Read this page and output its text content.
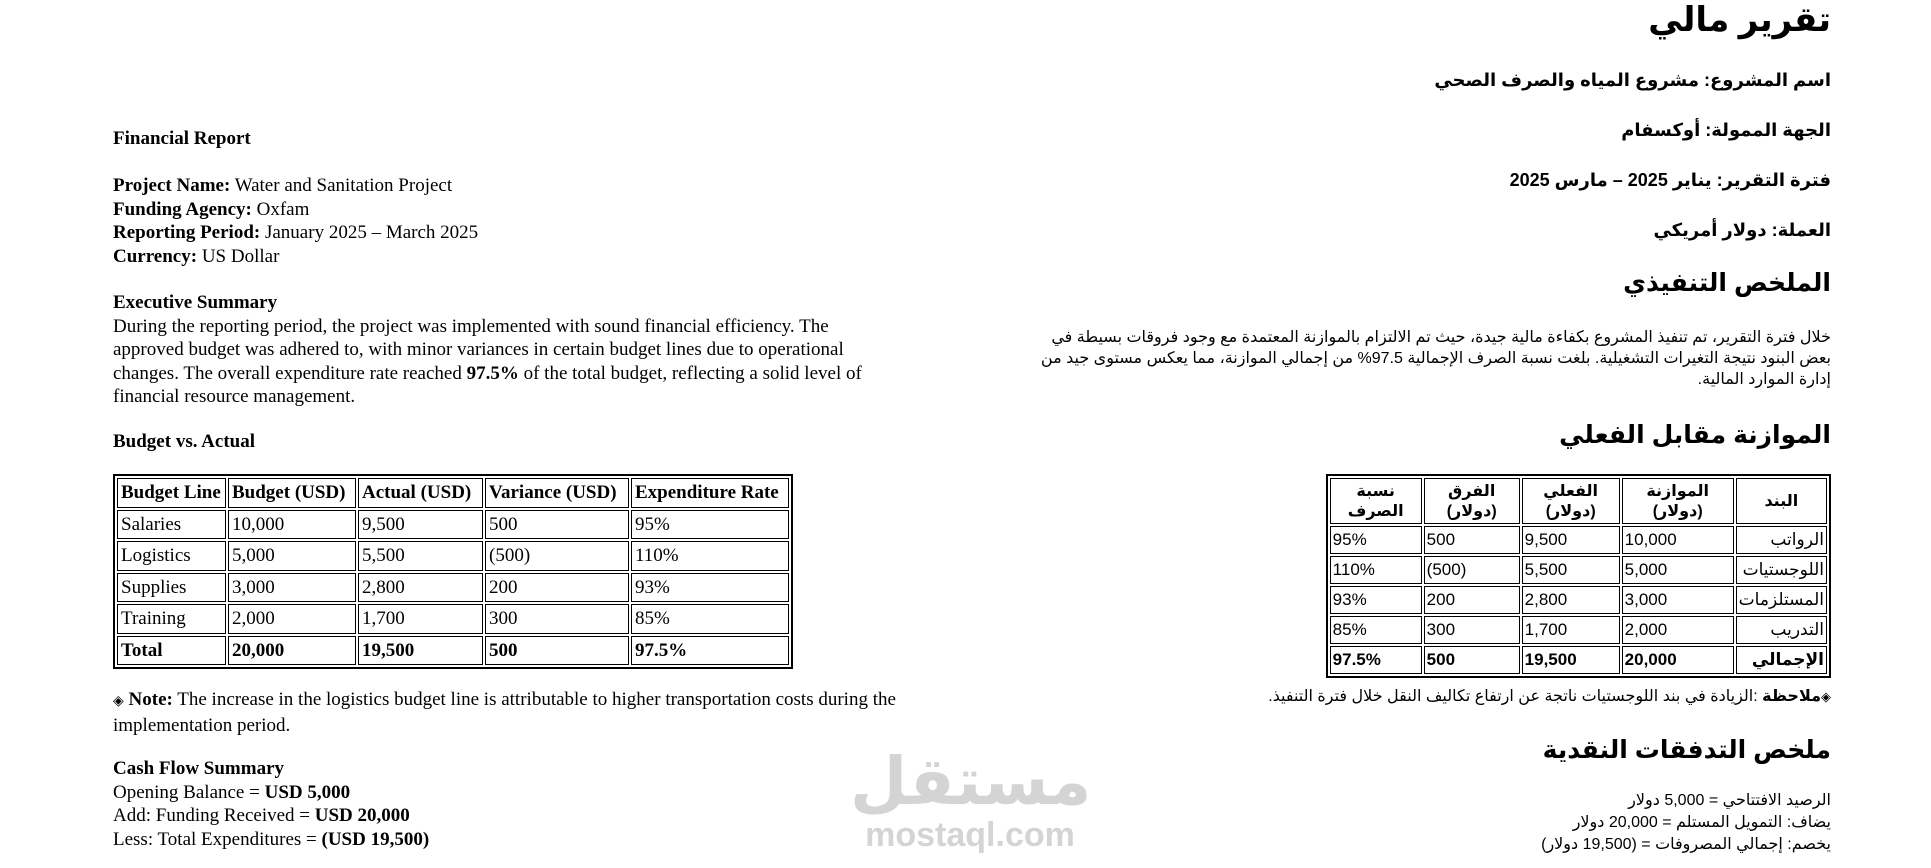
Financial Report
Project Name: Water and Sanitation Project
Funding Agency: Oxfam
Reporting Period: January 2025 – March 2025
Currency: US Dollar
Executive Summary
During the reporting period, the project was implemented with sound financial efficiency. The approved budget was adhered to, with minor variances in certain budget lines due to operational changes. The overall expenditure rate reached 97.5% of the total budget, reflecting a solid level of financial resource management.
Budget vs. Actual
Budget Line	Budget (USD)	Actual (USD)	Variance (USD)	Expenditure Rate
Salaries	10,000	9,500	500	95%
Logistics	5,000	5,500	(500)	110%
Supplies	3,000	2,800	200	93%
Training	2,000	1,700	300	85%
Total	20,000	19,500	500	97.5%
◈ Note: The increase in the logistics budget line is attributable to higher transportation costs during the implementation period.
Cash Flow Summary
Opening Balance = USD 5,000
Add: Funding Received = USD 20,000
Less: Total Expenditures = (USD 19,500)
تقرير مالي
اسم المشروع: مشروع المياه والصرف الصحي
الجهة الممولة: أوكسفام
فترة التقرير: يناير 2025 – مارس 2025
العملة: دولار أمريكي
الملخص التنفيذي
خلال فترة التقرير، تم تنفيذ المشروع بكفاءة مالية جيدة، حيث تم الالتزام بالموازنة المعتمدة مع وجود فروقات بسيطة في بعض البنود نتيجة التغيرات التشغيلية. بلغت نسبة الصرف الإجمالية 97.5% من إجمالي الموازنة، مما يعكس مستوى جيد من إدارة الموارد المالية.
الموازنة مقابل الفعلي
البند	الموازنة (دولار)	الفعلي (دولار)	الفرق (دولار)	نسبة الصرف
الرواتب	10,000	9,500	500	95%
اللوجستيات	5,000	5,500	(500)	110%
المستلزمات	3,000	2,800	200	93%
التدريب	2,000	1,700	300	85%
الإجمالي	20,000	19,500	500	97.5%
◈ملاحظة :الزيادة في بند اللوجستيات ناتجة عن ارتفاع تكاليف النقل خلال فترة التنفيذ.
ملخص التدفقات النقدية
الرصيد الافتتاحي = 5,000 دولار
يضاف: التمويل المستلم = 20,000 دولار
يخصم: إجمالي المصروفات = (19,500 دولار)
مستقل
mostaql.com
